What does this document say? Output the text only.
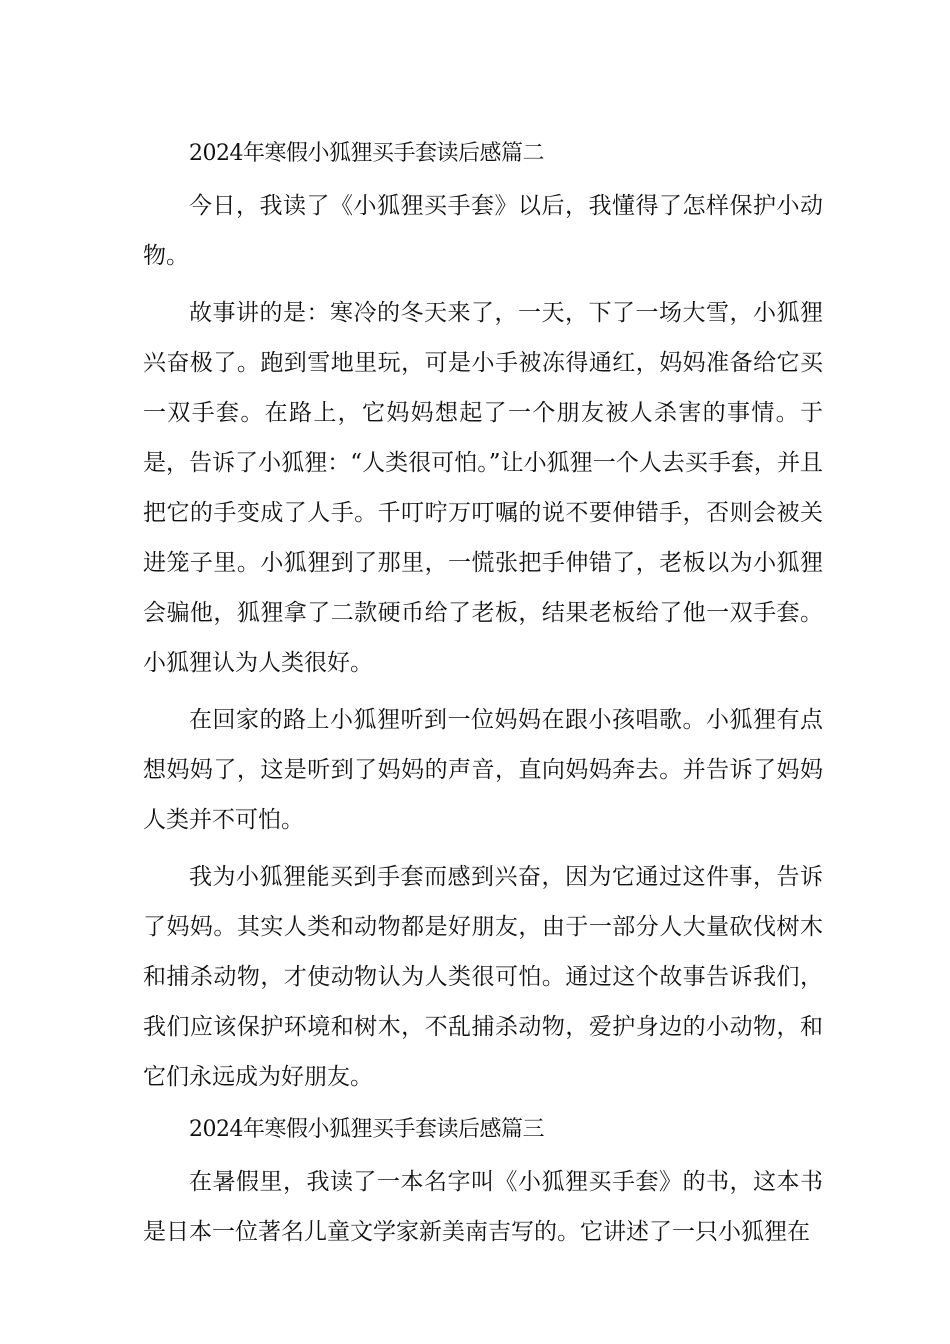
2024年寒假小狐狸买手套读后感篇二

今日，我读了《小狐狸买手套》以后，我懂得了怎样保护小动物。

故事讲的是：寒冷的冬天来了，一天，下了一场大雪，小狐狸兴奋极了。跑到雪地里玩，可是小手被冻得通红，妈妈准备给它买一双手套。在路上，它妈妈想起了一个朋友被人杀害的事情。于是，告诉了小狐狸：“人类很可怕。”让小狐狸一个人去买手套，并且把它的手变成了人手。千叮咛万叮嘱的说不要伸错手，否则会被关进笼子里。小狐狸到了那里，一慌张把手伸错了，老板以为小狐狸会骗他，狐狸拿了二款硬币给了老板，结果老板给了他一双手套。小狐狸认为人类很好。

在回家的路上小狐狸听到一位妈妈在跟小孩唱歌。小狐狸有点想妈妈了，这是听到了妈妈的声音，直向妈妈奔去。并告诉了妈妈人类并不可怕。

我为小狐狸能买到手套而感到兴奋，因为它通过这件事，告诉了妈妈。其实人类和动物都是好朋友，由于一部分人大量砍伐树木和捕杀动物，才使动物认为人类很可怕。通过这个故事告诉我们，我们应该保护环境和树木，不乱捕杀动物，爱护身边的小动物，和它们永远成为好朋友。

2024年寒假小狐狸买手套读后感篇三

在暑假里，我读了一本名字叫《小狐狸买手套》的书，这本书是日本一位著名儿童文学家新美南吉写的。它讲述了一只小狐狸在
